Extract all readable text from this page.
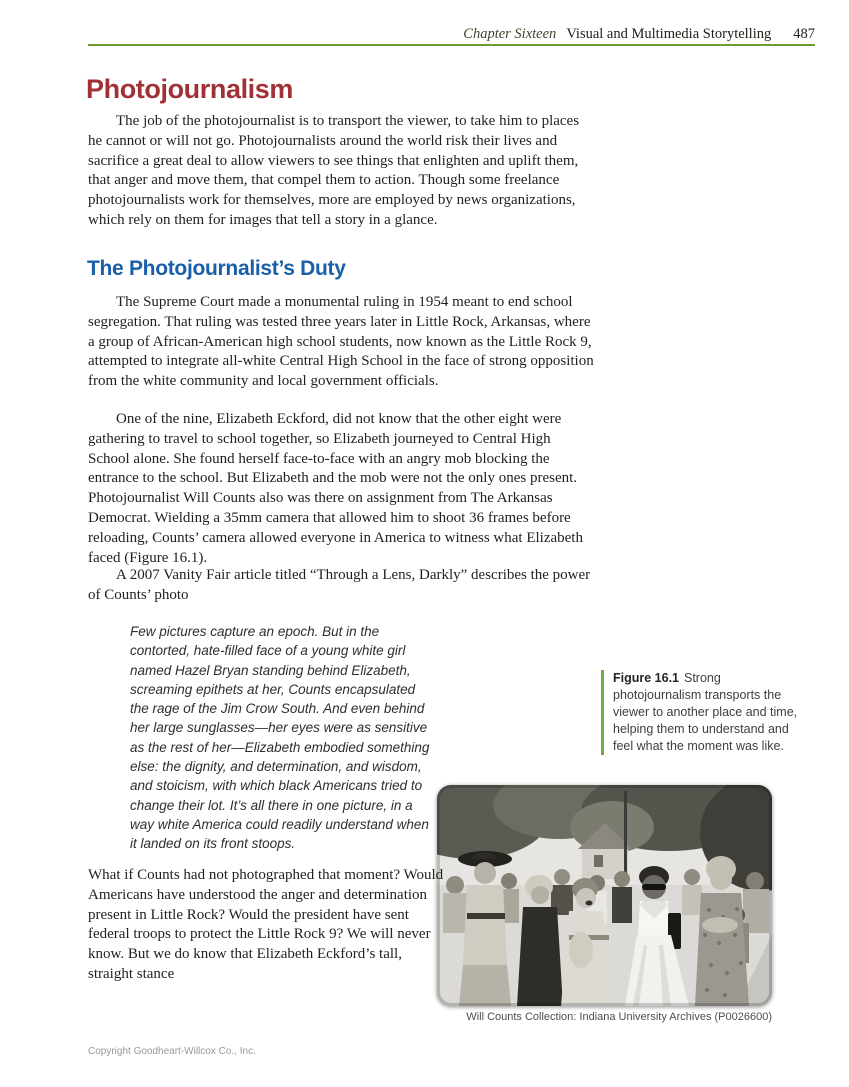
Chapter Sixteen Visual and Multimedia Storytelling 487
Photojournalism
The job of the photojournalist is to transport the viewer, to take him to places he cannot or will not go. Photojournalists around the world risk their lives and sacrifice a great deal to allow viewers to see things that enlighten and uplift them, that anger and move them, that compel them to action. Though some freelance photojournalists work for themselves, more are employed by news organizations, which rely on them for images that tell a story in a glance.
The Photojournalist’s Duty
The Supreme Court made a monumental ruling in 1954 meant to end school segregation. That ruling was tested three years later in Little Rock, Arkansas, where a group of African-American high school students, now known as the Little Rock 9, attempted to integrate all-white Central High School in the face of strong opposition from the white community and local government officials.
One of the nine, Elizabeth Eckford, did not know that the other eight were gathering to travel to school together, so Elizabeth journeyed to Central High School alone. She found herself face-to-face with an angry mob blocking the entrance to the school. But Elizabeth and the mob were not the only ones present. Photojournalist Will Counts also was there on assignment from The Arkansas Democrat. Wielding a 35mm camera that allowed him to shoot 36 frames before reloading, Counts’ camera allowed everyone in America to witness what Elizabeth faced (Figure 16.1).
A 2007 Vanity Fair article titled “Through a Lens, Darkly” describes the power of Counts’ photo
Few pictures capture an epoch. But in the contorted, hate-filled face of a young white girl named Hazel Bryan standing behind Elizabeth, screaming epithets at her, Counts encapsulated the rage of the Jim Crow South. And even behind her large sunglasses—her eyes were as sensitive as the rest of her—Elizabeth embodied something else: the dignity, and determination, and wisdom, and stoicism, with which black Americans tried to change their lot. It’s all there in one picture, in a way white America could readily understand when it landed on its front stoops.
Figure 16.1 Strong photojournalism transports the viewer to another place and time, helping them to understand and feel what the moment was like.
Will Counts Collection: Indiana University Archives (P0026600)
What if Counts had not photographed that moment? Would Americans have understood the anger and determination present in Little Rock? Would the president have sent federal troops to protect the Little Rock 9? We will never know. But we do know that Elizabeth Eckford’s tall, straight stance
Copyright Goodheart-Willcox Co., Inc.
